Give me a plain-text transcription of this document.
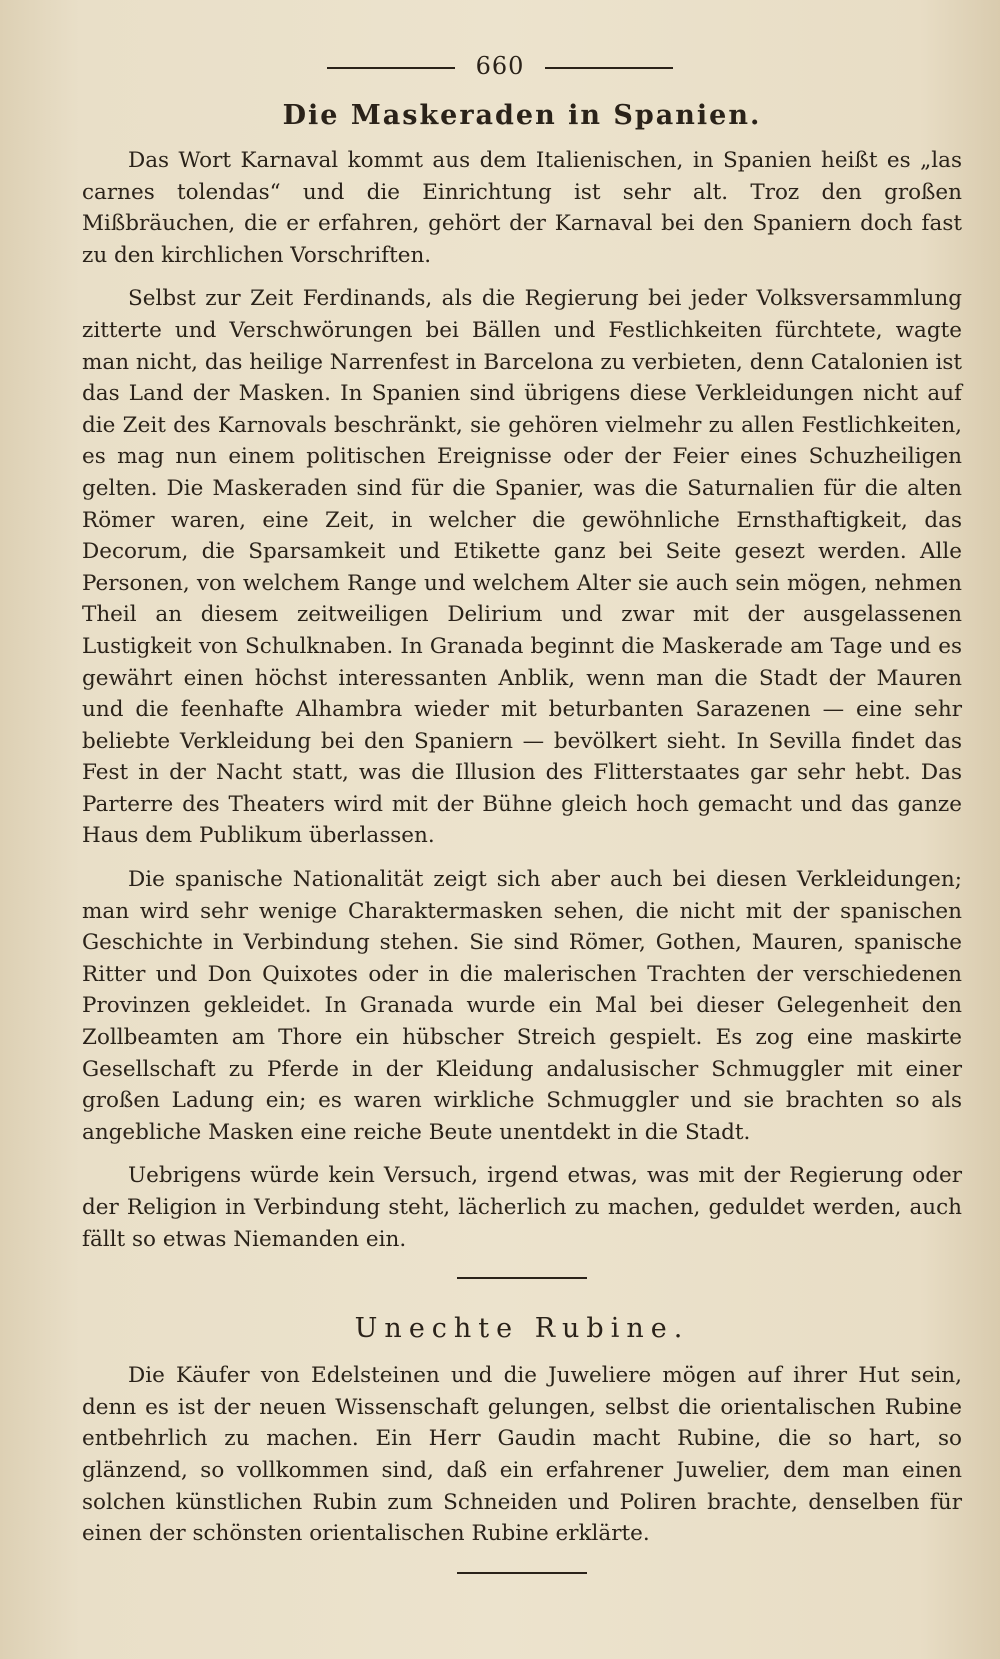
660
Die Maskeraden in Spanien.

Das Wort Karnaval kommt aus dem Italienischen, in Spanien heißt es „las carnes tolendas“ und die Einrichtung ist sehr alt. Troz den großen Mißbräuchen, die er erfahren, gehört der Karnaval bei den Spaniern doch fast zu den kirchlichen Vorschriften.

Selbst zur Zeit Ferdinands, als die Regierung bei jeder Volksversammlung zitterte und Verschwörungen bei Bällen und Festlichkeiten fürchtete, wagte man nicht, das heilige Narrenfest in Barcelona zu verbieten, denn Catalonien ist das Land der Masken. In Spanien sind übrigens diese Verkleidungen nicht auf die Zeit des Karnovals beschränkt, sie gehören vielmehr zu allen Festlichkeiten, es mag nun einem politischen Ereignisse oder der Feier eines Schuzheiligen gelten. Die Maskeraden sind für die Spanier, was die Saturnalien für die alten Römer waren, eine Zeit, in welcher die gewöhnliche Ernsthaftigkeit, das Decorum, die Sparsamkeit und Etikette ganz bei Seite gesezt werden. Alle Personen, von welchem Range und welchem Alter sie auch sein mögen, nehmen Theil an diesem zeitweiligen Delirium und zwar mit der ausgelassenen Lustigkeit von Schulknaben. In Granada beginnt die Maskerade am Tage und es gewährt einen höchst interessanten Anblik, wenn man die Stadt der Mauren und die feenhafte Alhambra wieder mit beturbanten Sarazenen — eine sehr beliebte Verkleidung bei den Spaniern — bevölkert sieht. In Sevilla findet das Fest in der Nacht statt, was die Illusion des Flitterstaates gar sehr hebt. Das Parterre des Theaters wird mit der Bühne gleich hoch gemacht und das ganze Haus dem Publikum überlassen.

Die spanische Nationalität zeigt sich aber auch bei diesen Verkleidungen; man wird sehr wenige Charaktermasken sehen, die nicht mit der spanischen Geschichte in Verbindung stehen. Sie sind Römer, Gothen, Mauren, spanische Ritter und Don Quixotes oder in die malerischen Trachten der verschiedenen Provinzen gekleidet. In Granada wurde ein Mal bei dieser Gelegenheit den Zollbeamten am Thore ein hübscher Streich gespielt. Es zog eine maskirte Gesellschaft zu Pferde in der Kleidung andalusischer Schmuggler mit einer großen Ladung ein; es waren wirkliche Schmuggler und sie brachten so als angebliche Masken eine reiche Beute unentdekt in die Stadt.

Uebrigens würde kein Versuch, irgend etwas, was mit der Regierung oder der Religion in Verbindung steht, lächerlich zu machen, geduldet werden, auch fällt so etwas Niemanden ein.

Unechte Rubine.

Die Käufer von Edelsteinen und die Juweliere mögen auf ihrer Hut sein, denn es ist der neuen Wissenschaft gelungen, selbst die orientalischen Rubine entbehrlich zu machen. Ein Herr Gaudin macht Rubine, die so hart, so glänzend, so vollkommen sind, daß ein erfahrener Juwelier, dem man einen solchen künstlichen Rubin zum Schneiden und Poliren brachte, denselben für einen der schönsten orientalischen Rubine erklärte.
